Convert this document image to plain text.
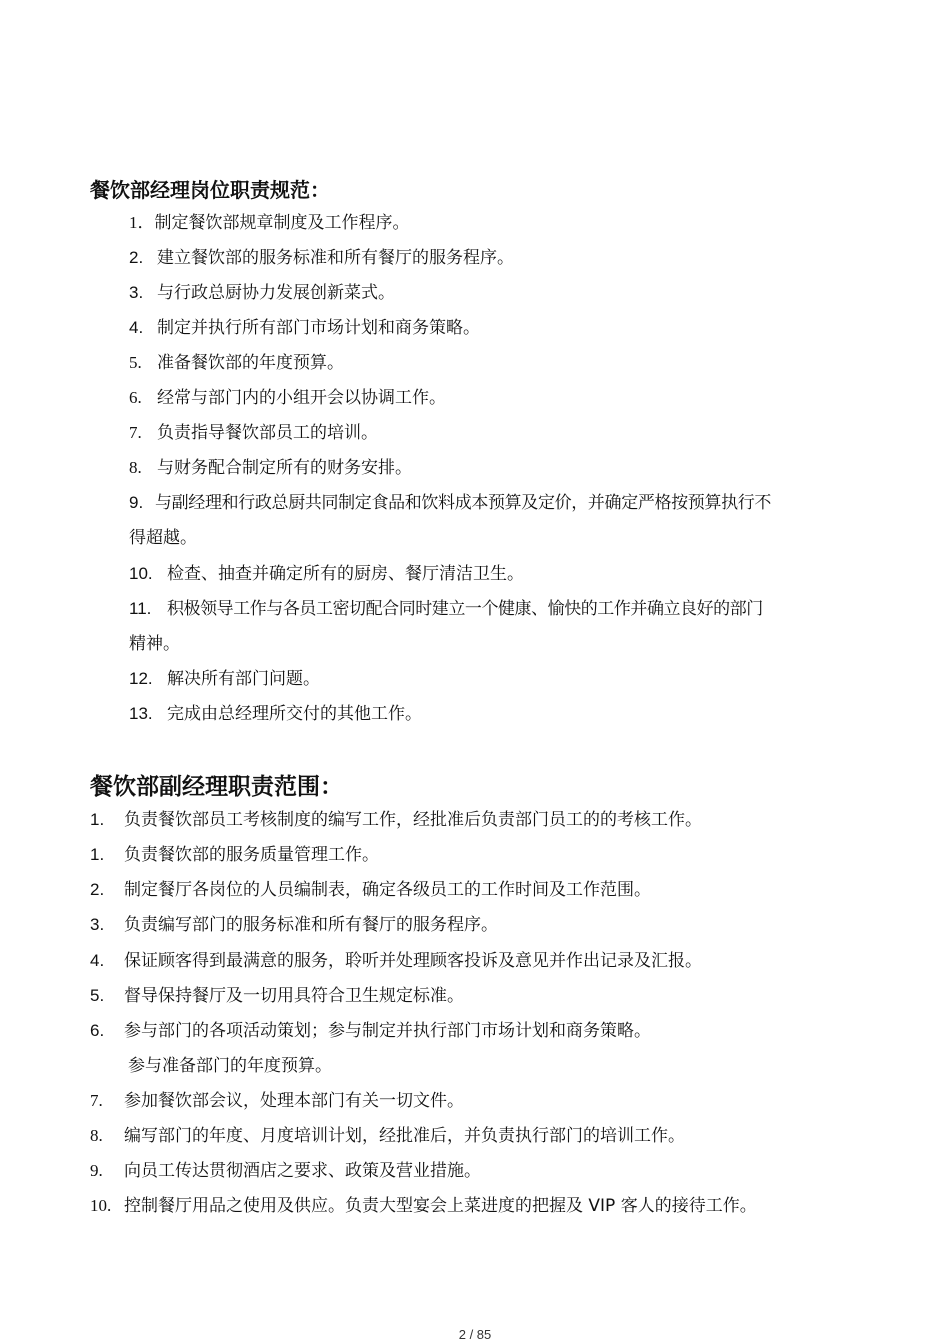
餐饮部经理岗位职责规范：
1．制定餐饮部规章制度及工作程序。
2. 建立餐饮部的服务标准和所有餐厅的服务程序。
3. 与行政总厨协力发展创新菜式。
4. 制定并执行所有部门市场计划和商务策略。
5. 准备餐饮部的年度预算。
6. 经常与部门内的小组开会以协调工作。
7. 负责指导餐饮部员工的培训。
8. 与财务配合制定所有的财务安排。
9. 与副经理和行政总厨共同制定食品和饮料成本预算及定价，并确定严格按预算执行不
得超越。
10. 检查、抽查并确定所有的厨房、餐厅清洁卫生。
11. 积极领导工作与各员工密切配合同时建立一个健康、愉快的工作并确立良好的部门
精神。
12. 解决所有部门问题。
13. 完成由总经理所交付的其他工作。
餐饮部副经理职责范围：
1. 负责餐饮部员工考核制度的编写工作，经批准后负责部门员工的的考核工作。
1. 负责餐饮部的服务质量管理工作。
2. 制定餐厅各岗位的人员编制表，确定各级员工的工作时间及工作范围。
3. 负责编写部门的服务标准和所有餐厅的服务程序。
4. 保证顾客得到最满意的服务，聆听并处理顾客投诉及意见并作出记录及汇报。
5. 督导保持餐厅及一切用具符合卫生规定标准。
6. 参与部门的各项活动策划；参与制定并执行部门市场计划和商务策略。
参与准备部门的年度预算。
7. 参加餐饮部会议，处理本部门有关一切文件。
8. 编写部门的年度、月度培训计划，经批准后，并负责执行部门的培训工作。
9. 向员工传达贯彻酒店之要求、政策及营业措施。
10. 控制餐厅用品之使用及供应。负责大型宴会上菜进度的把握及 VIP 客人的接待工作。
2 / 85
